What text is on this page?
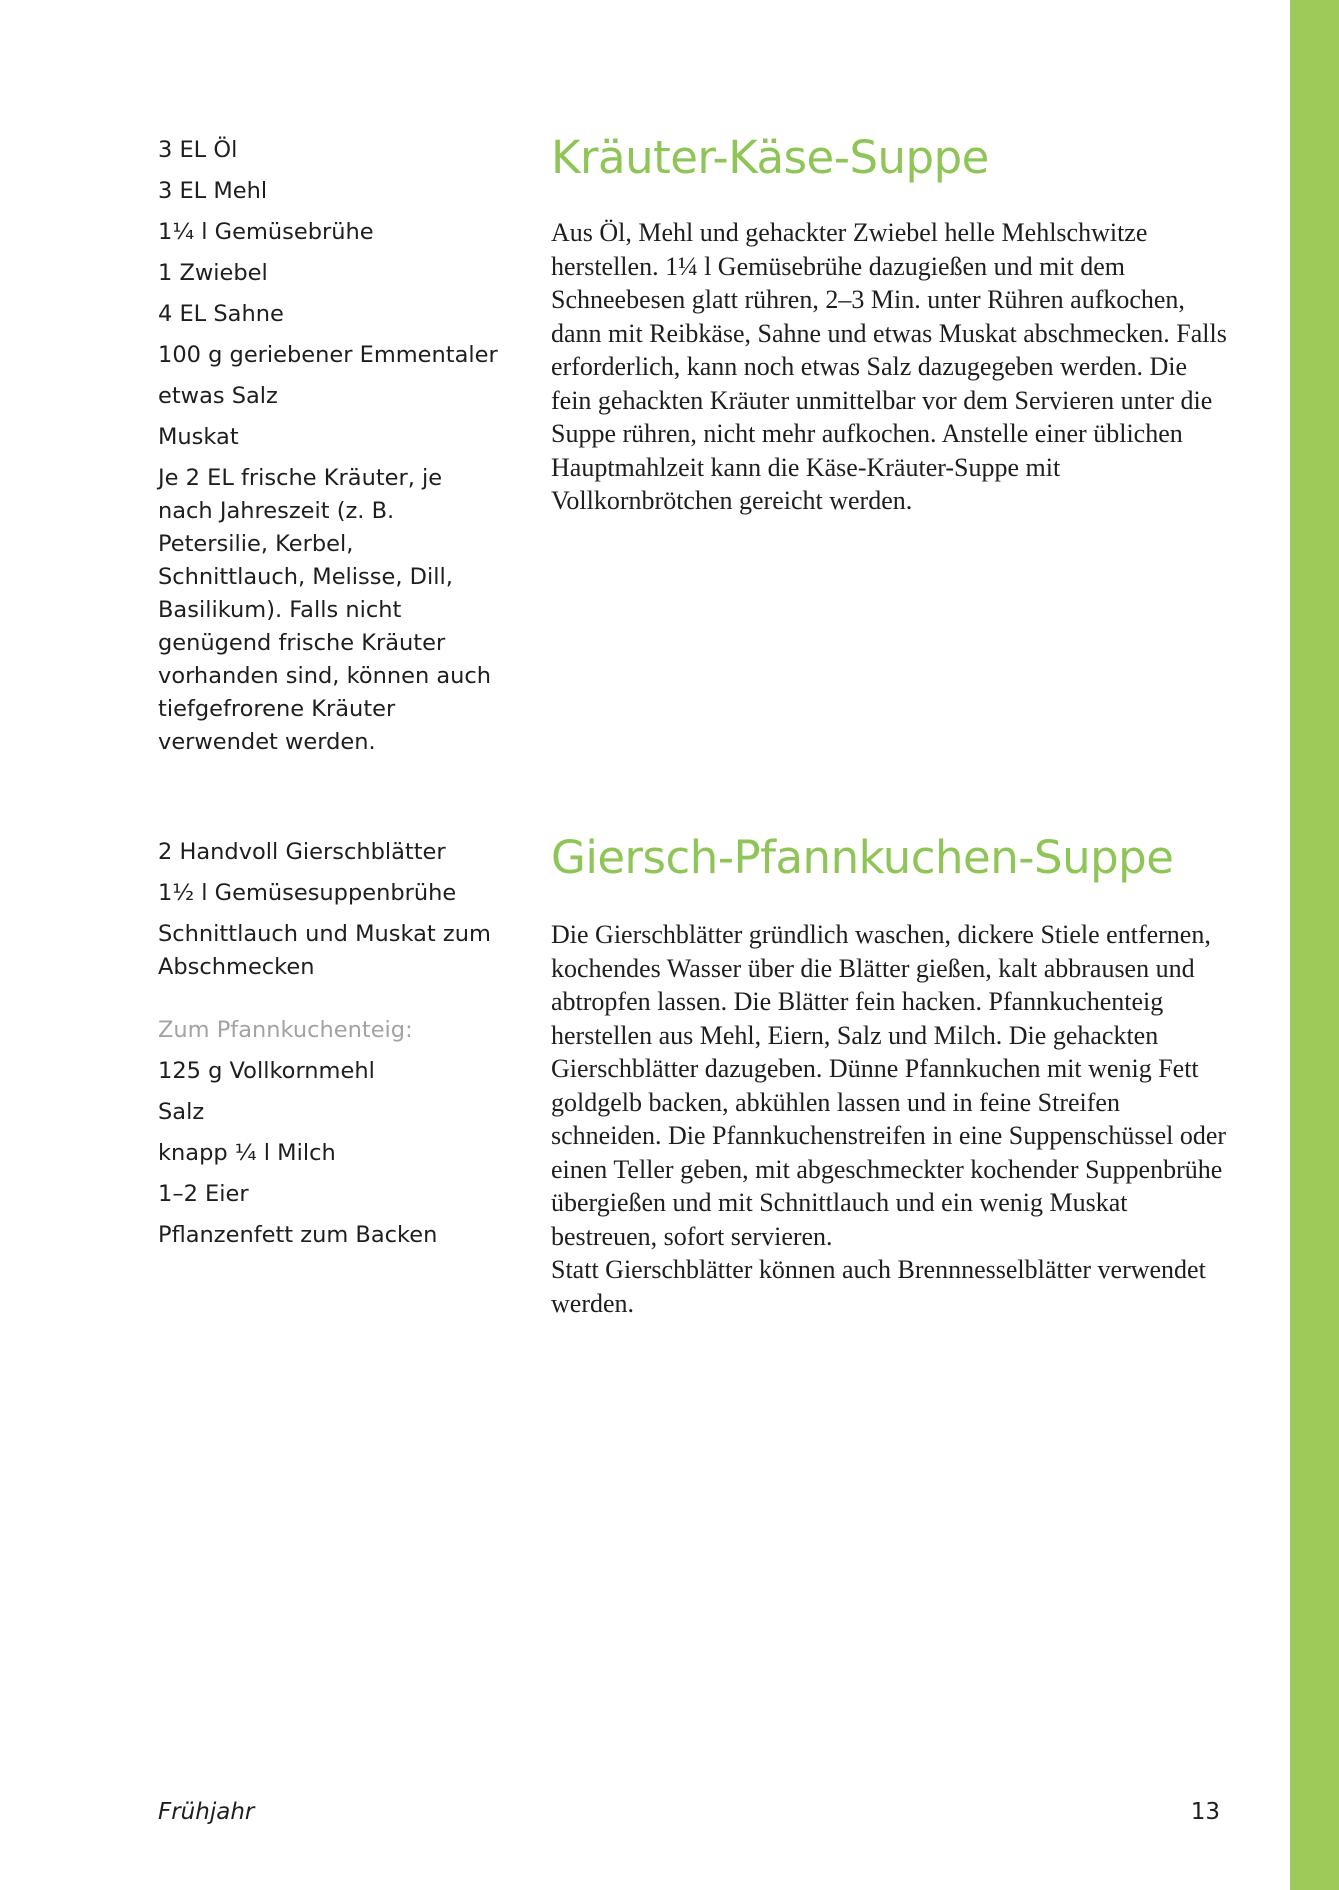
3 EL Öl
3 EL Mehl
1¼ l Gemüsebrühe
1 Zwiebel
4 EL Sahne
100 g geriebener Emmentaler
etwas Salz
Muskat
Je 2 EL frische Kräuter, je nach Jahreszeit (z. B. Petersilie, Kerbel, Schnittlauch, Melisse, Dill, Basilikum). Falls nicht genügend frische Kräuter vorhanden sind, können auch tiefgefrorene Kräuter verwendet werden.
Kräuter-Käse-Suppe

Aus Öl, Mehl und gehackter Zwiebel helle Mehlschwitze herstellen. 1¼ l Gemüsebrühe dazugießen und mit dem Schneebesen glatt rühren, 2–3 Min. unter Rühren aufkochen, dann mit Reibkäse, Sahne und etwas Muskat abschmecken. Falls erforderlich, kann noch etwas Salz dazugegeben werden. Die fein gehackten Kräuter unmittelbar vor dem Servieren unter die Suppe rühren, nicht mehr aufkochen. Anstelle einer üblichen Hauptmahlzeit kann die Käse-Kräuter-Suppe mit Vollkornbrötchen gereicht werden.

2 Handvoll Gierschblätter
1½ l Gemüsesuppenbrühe
Schnittlauch und Muskat zum Abschmecken
Zum Pfannkuchenteig:
125 g Vollkornmehl
Salz
knapp ¼ l Milch
1–2 Eier
Pflanzenfett zum Backen
Giersch-Pfannkuchen-Suppe

Die Gierschblätter gründlich waschen, dickere Stiele entfernen, kochendes Wasser über die Blätter gießen, kalt abbrausen und abtropfen lassen. Die Blätter fein hacken. Pfannkuchenteig herstellen aus Mehl, Eiern, Salz und Milch. Die gehackten Gierschblätter dazugeben. Dünne Pfannkuchen mit wenig Fett goldgelb backen, abkühlen lassen und in feine Streifen schneiden. Die Pfannkuchenstreifen in eine Suppenschüssel oder einen Teller geben, mit abgeschmeckter kochender Suppenbrühe übergießen und mit Schnittlauch und ein wenig Muskat bestreuen, sofort servieren.
Statt Gierschblätter können auch Brennnesselblätter verwendet werden.

Frühjahr	13
